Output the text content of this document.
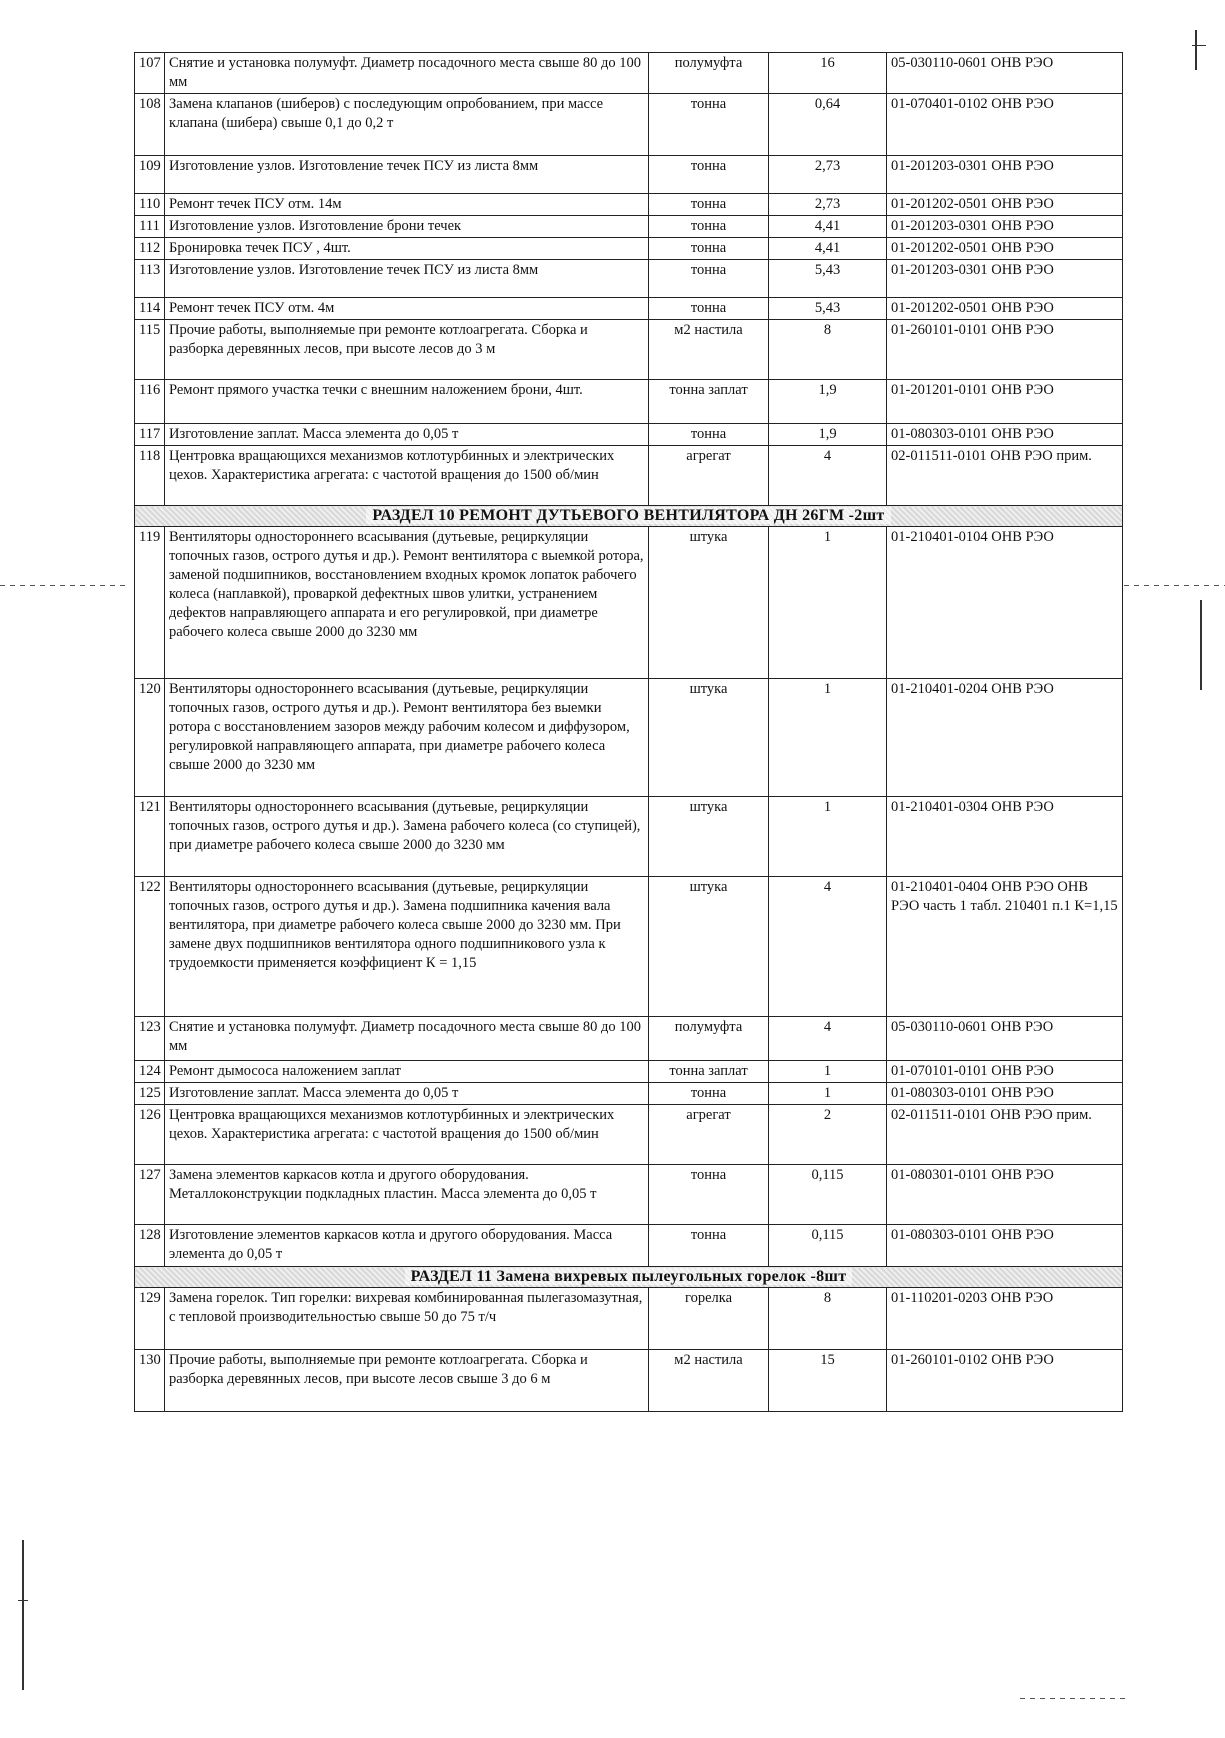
107	Снятие и установка полумуфт. Диаметр посадочного места свыше 80 до 100 мм	полумуфта	16	05-030110-0601 ОНВ РЭО
108	Замена клапанов (шиберов) с последующим опробованием, при массе клапана (шибера) свыше 0,1 до 0,2 т	тонна	0,64	01-070401-0102 ОНВ РЭО
109	Изготовление узлов. Изготовление течек ПСУ из листа 8мм	тонна	2,73	01-201203-0301 ОНВ РЭО
110	Ремонт течек ПСУ отм. 14м	тонна	2,73	01-201202-0501 ОНВ РЭО
111	Изготовление узлов. Изготовление брони течек	тонна	4,41	01-201203-0301 ОНВ РЭО
112	Бронировка течек ПСУ , 4шт.	тонна	4,41	01-201202-0501 ОНВ РЭО
113	Изготовление узлов. Изготовление течек ПСУ из листа 8мм	тонна	5,43	01-201203-0301 ОНВ РЭО
114	Ремонт течек ПСУ отм. 4м	тонна	5,43	01-201202-0501 ОНВ РЭО
115	Прочие работы, выполняемые при ремонте котлоагрегата. Сборка и разборка деревянных лесов, при высоте лесов до 3 м	м2 настила	8	01-260101-0101 ОНВ РЭО
116	Ремонт прямого участка течки с внешним наложением брони, 4шт.	тонна заплат	1,9	01-201201-0101 ОНВ РЭО
117	Изготовление заплат. Масса элемента до 0,05 т	тонна	1,9	01-080303-0101 ОНВ РЭО
118	Центровка вращающихся механизмов котлотурбинных и электрических цехов. Характеристика агрегата: с частотой вращения до 1500 об/мин	агрегат	4	02-011511-0101 ОНВ РЭО прим.
РАЗДЕЛ 10 РЕМОНТ ДУТЬЕВОГО ВЕНТИЛЯТОРА ДН 26ГМ -2шт				
119	Вентиляторы одностороннего всасывания (дутьевые, рециркуляции топочных газов, острого дутья и др.). Ремонт вентилятора с выемкой ротора, заменой подшипников, восстановлением входных кромок лопаток рабочего колеса (наплавкой), проваркой дефектных швов улитки, устранением дефектов направляющего аппарата и его регулировкой, при диаметре рабочего колеса свыше 2000 до 3230 мм	штука	1	01-210401-0104 ОНВ РЭО
120	Вентиляторы одностороннего всасывания (дутьевые, рециркуляции топочных газов, острого дутья и др.). Ремонт вентилятора без выемки ротора с восстановлением зазоров между рабочим колесом и диффузором, регулировкой направляющего аппарата, при диаметре рабочего колеса свыше 2000 до 3230 мм	штука	1	01-210401-0204 ОНВ РЭО
121	Вентиляторы одностороннего всасывания (дутьевые, рециркуляции топочных газов, острого дутья и др.). Замена рабочего колеса (со ступицей), при диаметре рабочего колеса свыше 2000 до 3230 мм	штука	1	01-210401-0304 ОНВ РЭО
122	Вентиляторы одностороннего всасывания (дутьевые, рециркуляции топочных газов, острого дутья и др.). Замена подшипника качения вала вентилятора, при диаметре рабочего колеса свыше 2000 до 3230 мм. При замене двух подшипников вентилятора одного подшипникового узла к трудоемкости применяется коэффициент К = 1,15	штука	4	01-210401-0404 ОНВ РЭО ОНВ РЭО часть 1 табл. 210401 п.1 К=1,15
123	Снятие и установка полумуфт. Диаметр посадочного места свыше 80 до 100 мм	полумуфта	4	05-030110-0601 ОНВ РЭО
124	Ремонт дымососа наложением заплат	тонна заплат	1	01-070101-0101 ОНВ РЭО
125	Изготовление заплат. Масса элемента до 0,05 т	тонна	1	01-080303-0101 ОНВ РЭО
126	Центровка вращающихся механизмов котлотурбинных и электрических цехов. Характеристика агрегата: с частотой вращения до 1500 об/мин	агрегат	2	02-011511-0101 ОНВ РЭО прим.
127	Замена элементов каркасов котла и другого оборудования. Металлоконструкции подкладных пластин. Масса элемента до 0,05 т	тонна	0,115	01-080301-0101 ОНВ РЭО
128	Изготовление элементов каркасов котла и другого оборудования. Масса элемента до 0,05 т	тонна	0,115	01-080303-0101 ОНВ РЭО
РАЗДЕЛ 11 Замена вихревых пылеугольных горелок -8шт				
129	Замена горелок. Тип горелки: вихревая комбинированная пылегазомазутная, с тепловой производительностью свыше 50 до 75 т/ч	горелка	8	01-110201-0203 ОНВ РЭО
130	Прочие работы, выполняемые при ремонте котлоагрегата. Сборка и разборка деревянных лесов, при высоте лесов свыше 3 до 6 м	м2 настила	15	01-260101-0102 ОНВ РЭО
